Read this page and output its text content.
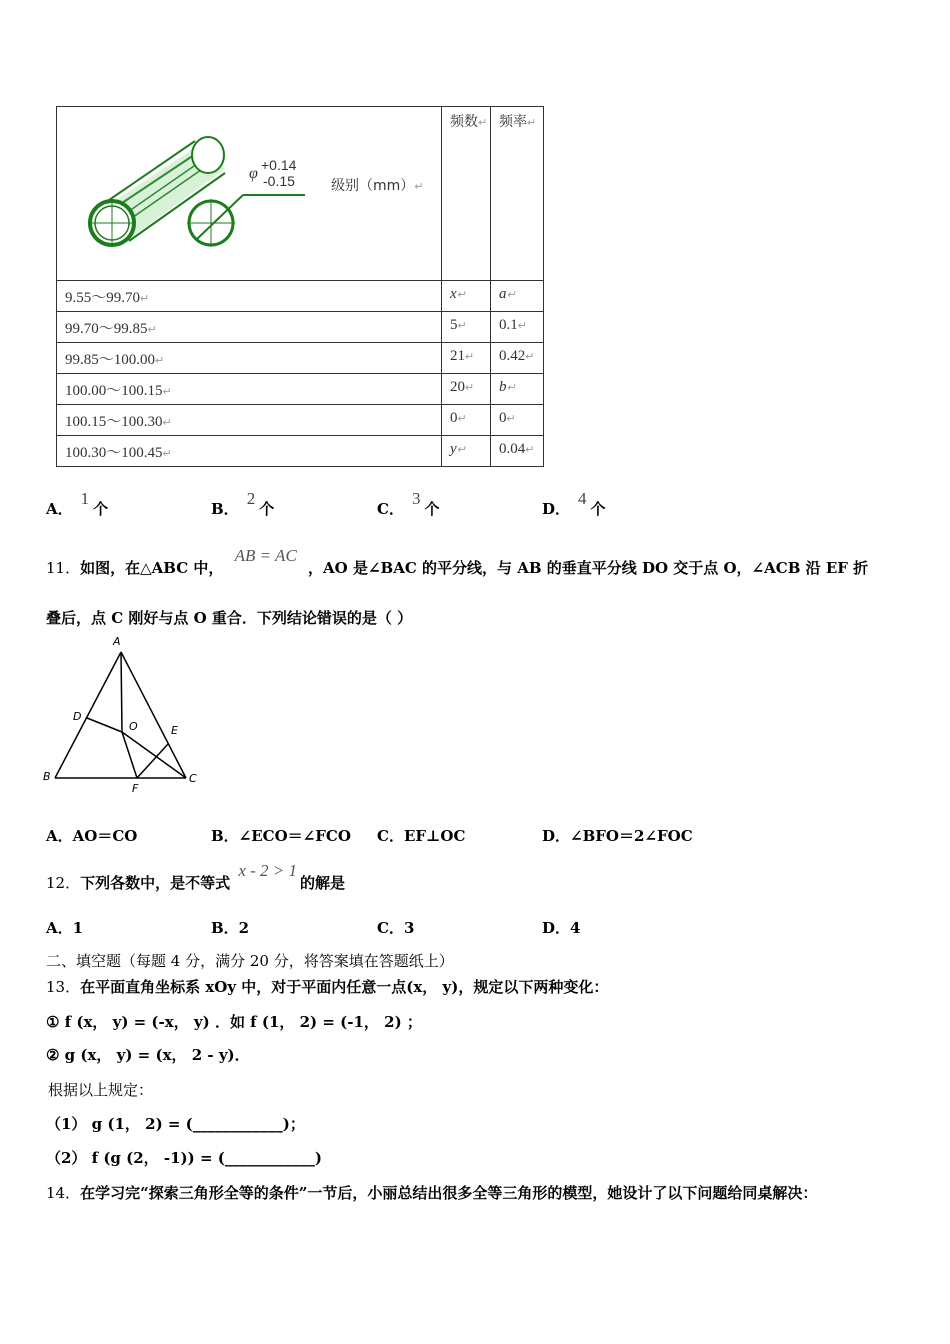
φ +0.14
-0.15 级别（mm）↵	频数↵	频率↵
9.55～99.70↵	x↵	a↵
99.70～99.85↵	5↵	0.1↵
99.85～100.00↵	21↵	0.42↵
100.00～100.15↵	20↵	b↵
100.15～100.30↵	0↵	0↵
100.30～100.45↵	y↵	0.04↵
A．1个	B．2个	C．3个	D．4个
11．如图，在△ABC 中， AB = AC ，AO 是∠BAC 的平分线，与 AB 的垂直平分线 DO 交于点 O，∠ACB 沿 EF 折
叠后，点 C 刚好与点 O 重合．下列结论错误的是（ ）
A
B	C
D
E
F
O
A．AO＝CO	B．∠ECO＝∠FCO C．EF⊥OC	D．∠BFO＝2∠FOC
12．下列各数中，是不等式 x - 2 > 1的解是
A．1	B．2	C．3	D．4
二、填空题（每题 4 分，满分 20 分，将答案填在答题纸上）
13．在平面直角坐标系 xOy 中，对于平面内任意一点(x， y)，规定以下两种变化：
① f (x， y) = (-x， y) ．如 f (1， 2) = (-1， 2) ；
② g (x， y) = (x， 2 - y)．
根据以上规定：
（1） g (1， 2) = (____________)；
（2） f (g (2， -1)) = (____________)
14．在学习完“探索三角形全等的条件”一节后，小丽总结出很多全等三角形的模型，她设计了以下问题给同桌解决：
